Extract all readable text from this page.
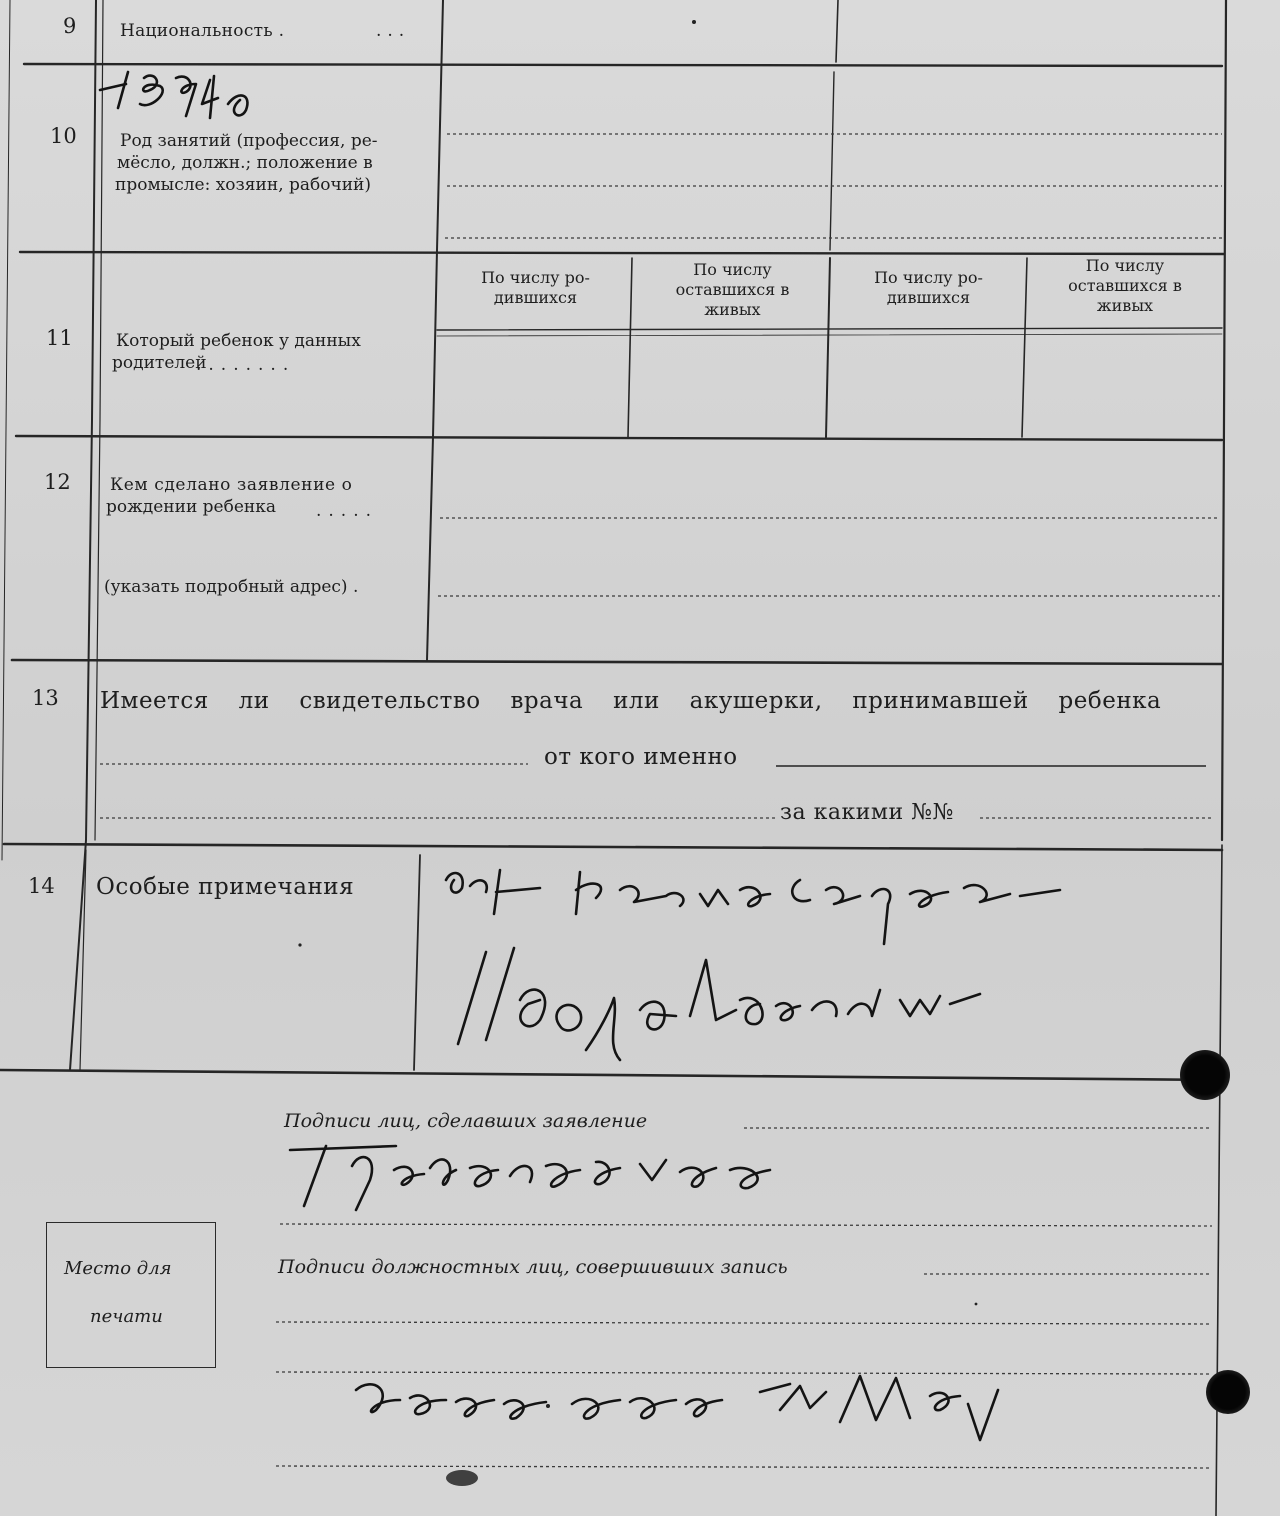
9
10
11
12
13
14
Национальность .	...
Род занятий (профессия, ре-
мёсло, должн.; положение в
промысле: хозяин, рабочий)
Который ребенок у данных
родителей
........
По числу ро-
дившихся
По числу
оставшихся в
живых
По числу ро-
дившихся
По числу
оставшихся в
живых
Кем сделано заявление о
рождении ребенка .....
(указать подробный адрес) .
Имеется ли свидетельство врача или акушерки, принимавшей ребенка
от кого именно
за какими №№
Особые примечания
Подписи лиц, сделавших заявление
Подписи должностных лиц, совершивших запись
Место для
печати
